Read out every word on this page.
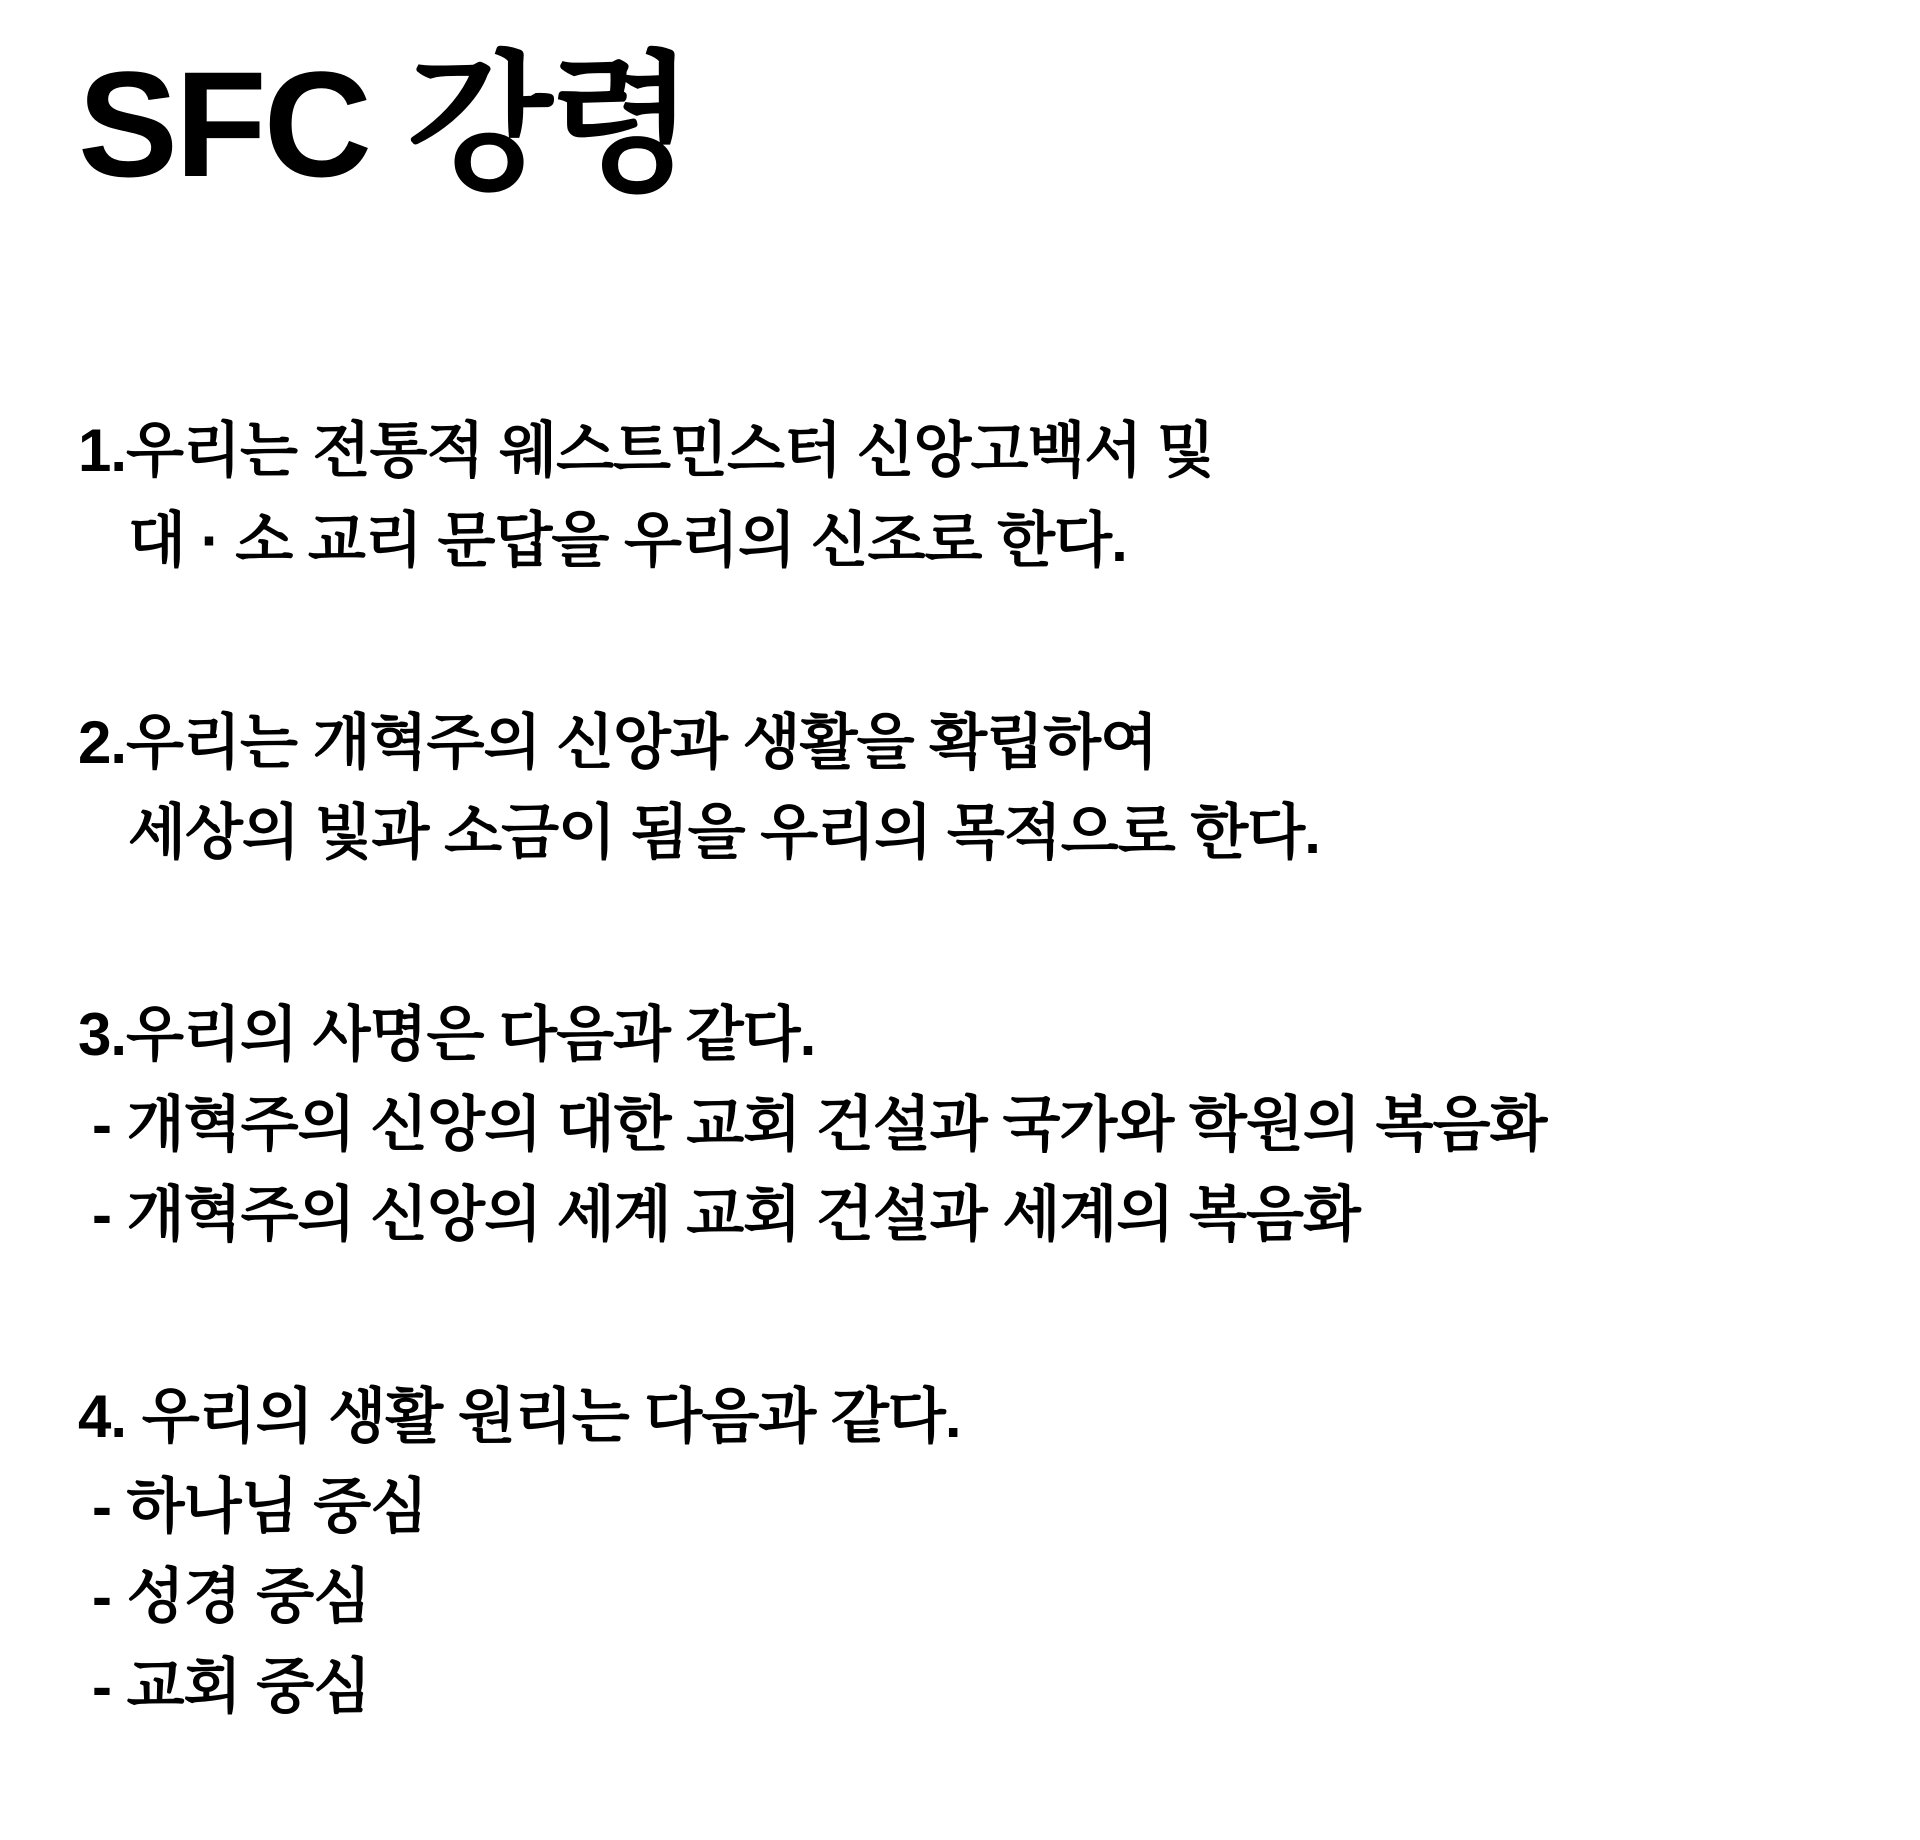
SFC 강령

1.우리는 전통적 웨스트민스터 신앙고백서 및

대 · 소 교리 문답을 우리의 신조로 한다.

2.우리는 개혁주의 신앙과 생활을 확립하여

세상의 빛과 소금이 됨을 우리의 목적으로 한다.

3.우리의 사명은 다음과 같다.

- 개혁주의 신앙의 대한 교회 건설과 국가와 학원의 복음화

- 개혁주의 신앙의 세계 교회 건설과 세계의 복음화

4. 우리의 생활 원리는 다음과 같다.

- 하나님 중심

- 성경 중심

- 교회 중심
